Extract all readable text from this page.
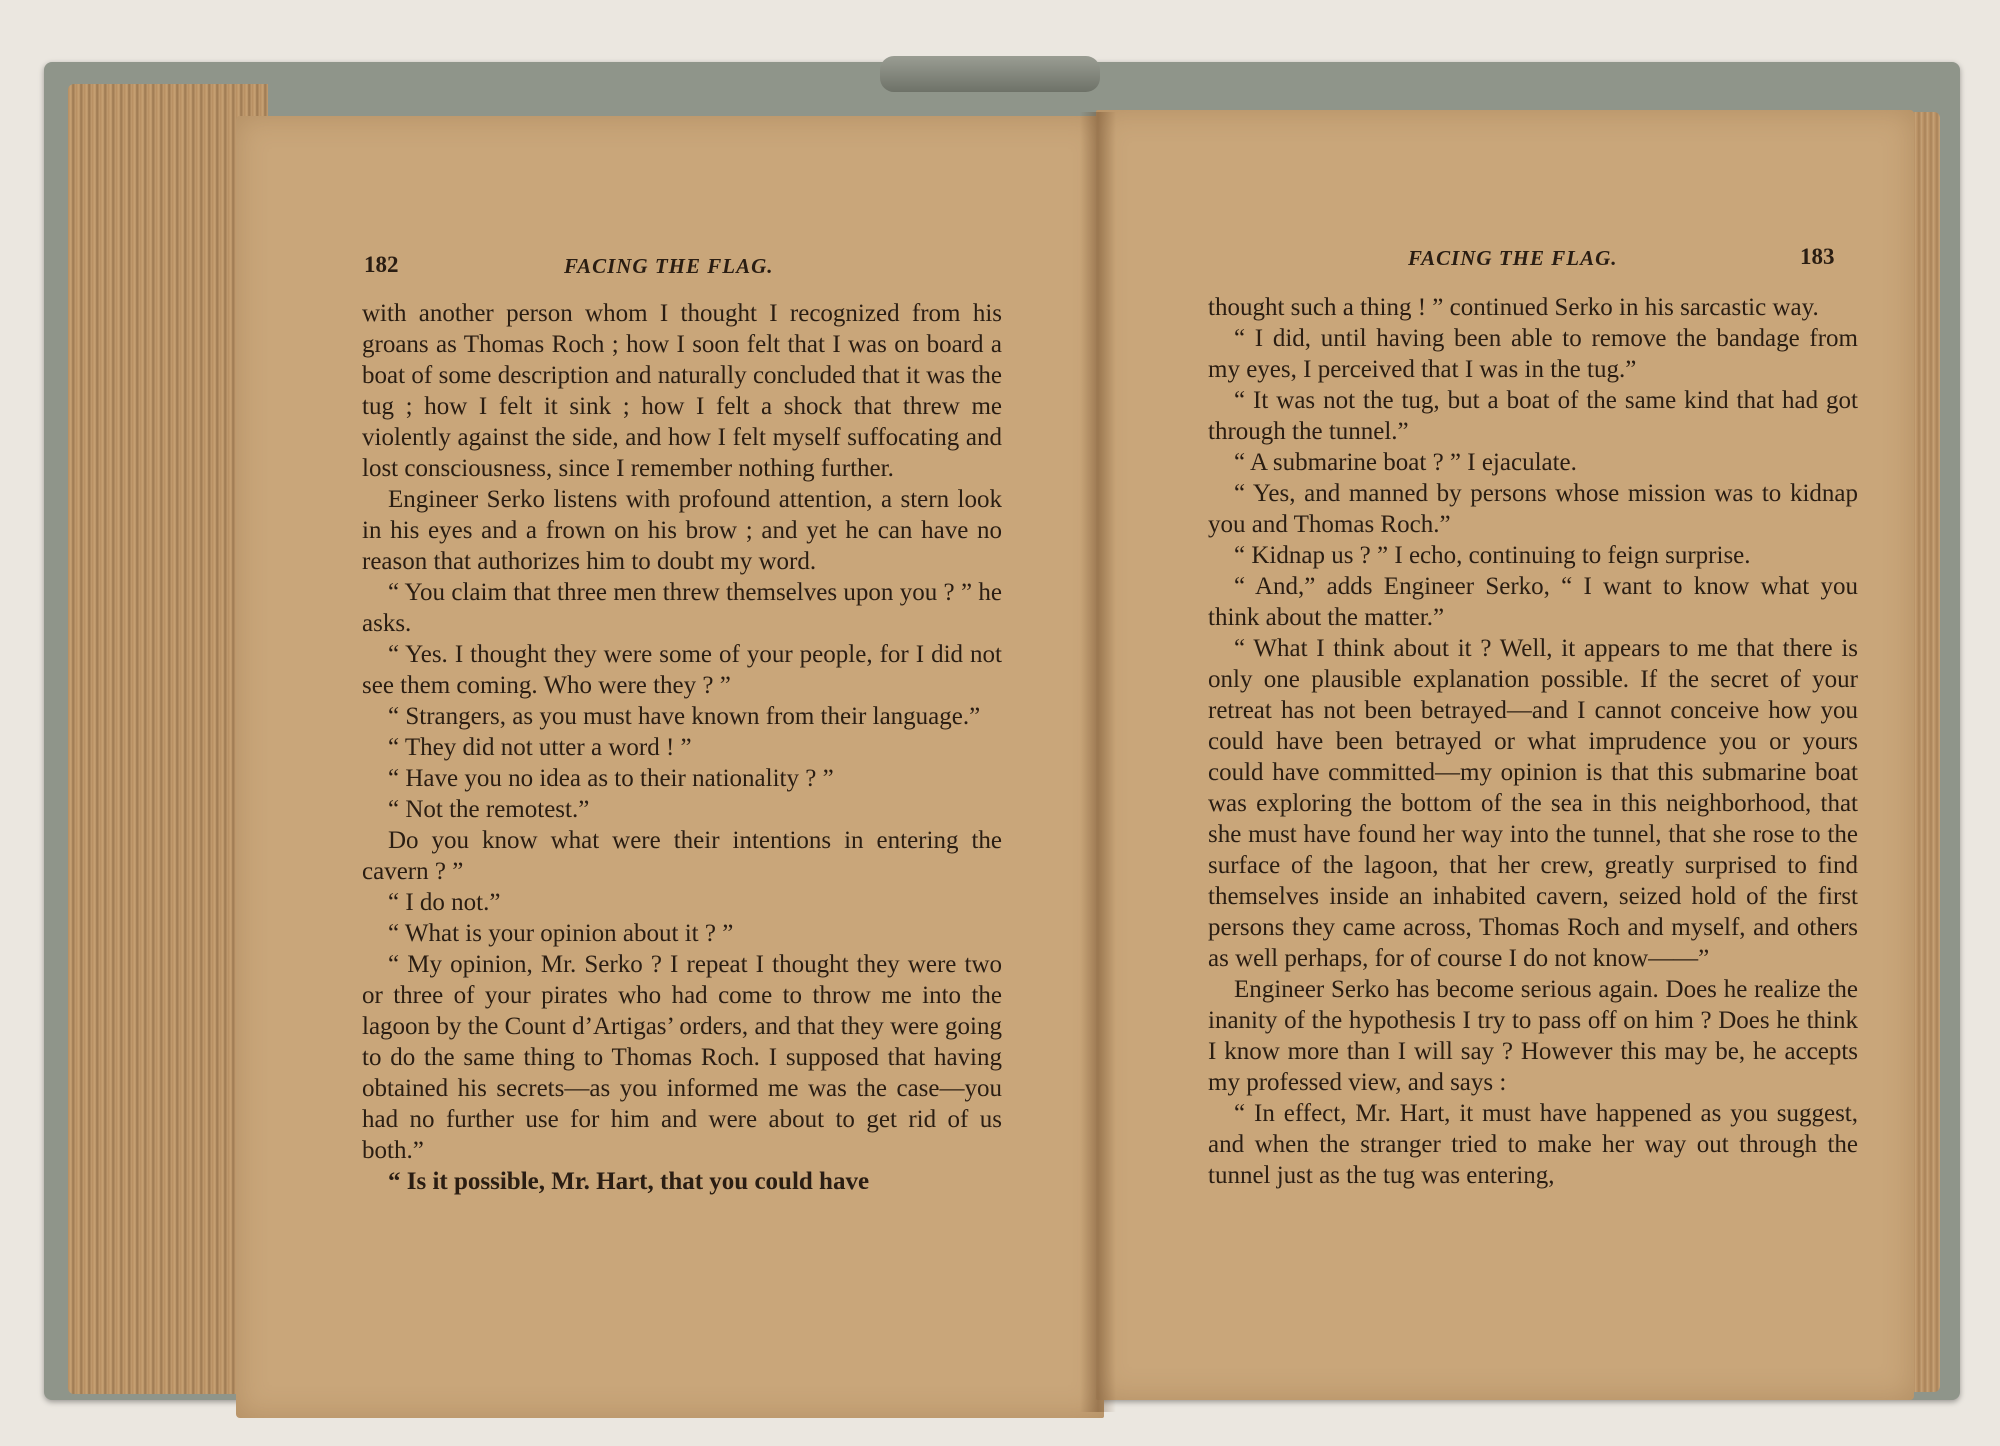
182	FACING THE FLAG.

with another person whom I thought I recognized from his groans as Thomas Roch ; how I soon felt that I was on board a boat of some description and naturally concluded that it was the tug ; how I felt it sink ; how I felt a shock that threw me violently against the side, and how I felt myself suffocating and lost consciousness, since I remember nothing further.

Engineer Serko listens with profound attention, a stern look in his eyes and a frown on his brow ; and yet he can have no reason that authorizes him to doubt my word.

“ You claim that three men threw themselves upon you ? ” he asks.

“ Yes. I thought they were some of your people, for I did not see them coming. Who were they ? ”

“ Strangers, as you must have known from their language.”

“ They did not utter a word ! ”

“ Have you no idea as to their nationality ? ”

“ Not the remotest.”

Do you know what were their intentions in entering the cavern ? ”

“ I do not.”

“ What is your opinion about it ? ”

“ My opinion, Mr. Serko ? I repeat I thought they were two or three of your pirates who had come to throw me into the lagoon by the Count d’Artigas’ orders, and that they were going to do the same thing to Thomas Roch. I supposed that having obtained his secrets—as you informed me was the case—you had no further use for him and were about to get rid of us both.”

“ Is it possible, Mr. Hart, that you could have

FACING THE FLAG.	183

thought such a thing ! ” continued Serko in his sarcastic way.

“ I did, until having been able to remove the bandage from my eyes, I perceived that I was in the tug.”

“ It was not the tug, but a boat of the same kind that had got through the tunnel.”

“ A submarine boat ? ” I ejaculate.

“ Yes, and manned by persons whose mission was to kidnap you and Thomas Roch.”

“ Kidnap us ? ” I echo, continuing to feign surprise.

“ And,” adds Engineer Serko, “ I want to know what you think about the matter.”

“ What I think about it ? Well, it appears to me that there is only one plausible explanation possible. If the secret of your retreat has not been betrayed—and I cannot conceive how you could have been betrayed or what imprudence you or yours could have committed—my opinion is that this submarine boat was exploring the bottom of the sea in this neighborhood, that she must have found her way into the tunnel, that she rose to the surface of the lagoon, that her crew, greatly surprised to find themselves inside an inhabited cavern, seized hold of the first persons they came across, Thomas Roch and myself, and others as well perhaps, for of course I do not know——”

Engineer Serko has become serious again. Does he realize the inanity of the hypothesis I try to pass off on him ? Does he think I know more than I will say ? However this may be, he accepts my professed view, and says :

“ In effect, Mr. Hart, it must have happened as you suggest, and when the stranger tried to make her way out through the tunnel just as the tug was entering,
